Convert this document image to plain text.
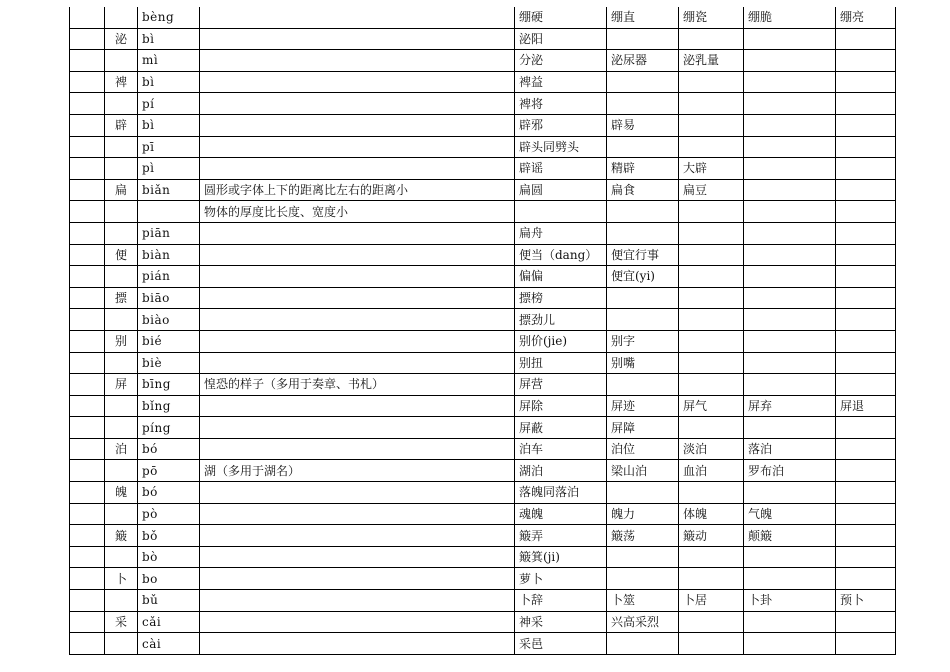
		bèng		绷硬	绷直	绷瓷	绷脆	绷亮
	泌	bì		泌阳				
		mì		分泌	泌尿器	泌乳量		
	裨	bì		裨益				
		pí		裨将				
	辟	bì		辟邪	辟易			
		pī		辟头同劈头				
		pì		辟谣	精辟	大辟		
	扁	biǎn	圆形或字体上下的距离比左右的距离小	扁圆	扁食	扁豆		
			物体的厚度比长度、宽度小					
		piān		扁舟				
	便	biàn		便当（dang）	便宜行事			
		pián		偏偏	便宜(yi)			
	摽	biāo		摽榜				
		biào		摽劲儿				
	别	bié		别价(jie)	别字			
		biè		别扭	别嘴			
	屏	bīng	惶恐的样子（多用于奏章、书札）	屏营				
		bǐng		屏除	屏迹	屏气	屏弃	屏退
		píng		屏蔽	屏障			
	泊	bó		泊车	泊位	淡泊	落泊	
		pō	湖（多用于湖名）	湖泊	梁山泊	血泊	罗布泊	
	魄	bó		落魄同落泊				
		pò		魂魄	魄力	体魄	气魄	
	簸	bǒ		簸弄	簸荡	簸动	颠簸	
		bò		簸箕(ji)				
	卜	bo		萝卜				
		bǔ		卜辞	卜筮	卜居	卜卦	预卜
	采	cǎi		神采	兴高采烈			
		cài		采邑				
